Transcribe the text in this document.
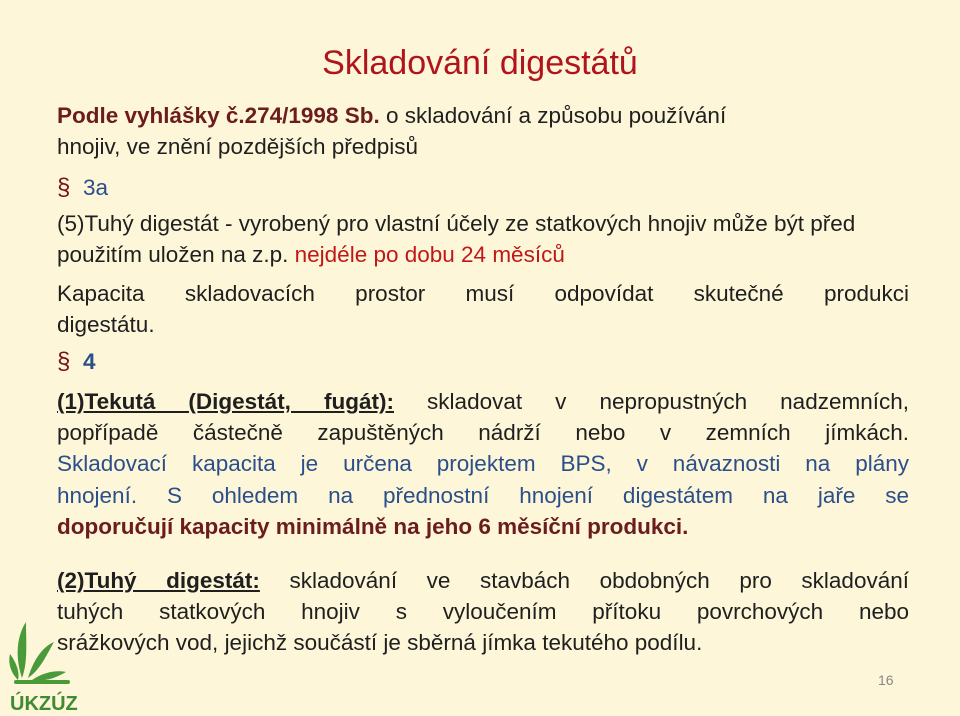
Skladování digestátů

Podle vyhlášky č.274/1998 Sb. o skladování a způsobu používání

hnojiv, ve znění pozdějších předpisů

§ 3a

(5)Tuhý digestát - vyrobený pro vlastní účely ze statkových hnojiv může být před použitím uložen na z.p. nejdéle po dobu 24 měsíců

Kapacita skladovacích prostor musí odpovídat skutečné produkci

digestátu.

§ 4

(1)Tekutá (Digestát, fugát): skladovat v nepropustných nadzemních,

popřípadě částečně zapuštěných nádrží nebo v zemních jímkách.

Skladovací kapacita je určena projektem BPS, v návaznosti na plány

hnojení. S ohledem na přednostní hnojení digestátem na jaře se

doporučují kapacity minimálně na jeho 6 měsíční produkci.

(2)Tuhý digestát: skladování ve stavbách obdobných pro skladování

tuhých statkových hnojiv s vyloučením přítoku povrchových nebo

srážkových vod, jejichž součástí je sběrná jímka tekutého podílu.

ÚKZÚZ
16
